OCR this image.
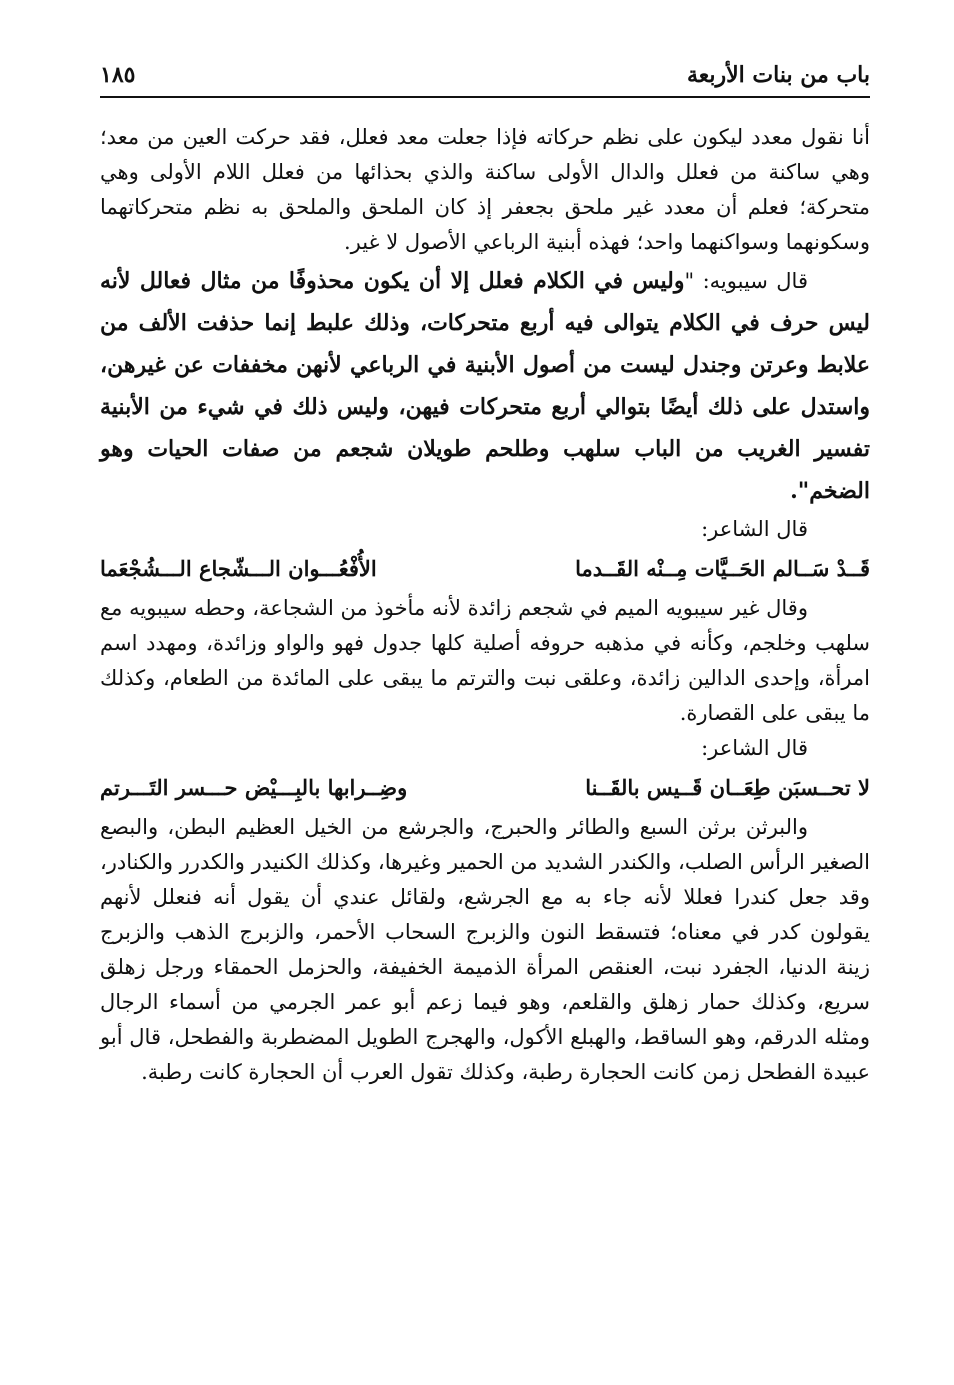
باب من بنات الأربعة
١٨٥

أنا نقول معدد ليكون على نظم حركاته فإذا جعلت معد فعلل، فقد حركت العين من معد؛ وهي ساكنة من فعلل والدال الأولى ساكنة والذي بحذائها من فعلل اللام الأولى وهي متحركة؛ فعلم أن معدد غير ملحق بجعفر إذ كان الملحق والملحق به نظم متحركاتهما وسكونهما وسواكنهما واحد؛ فهذه أبنية الرباعي الأصول لا غير.

قال سيبويه: "وليس في الكلام فعلل إلا أن يكون محذوفًا من مثال فعالل لأنه ليس حرف في الكلام يتوالى فيه أربع متحركات، وذلك علبط إنما حذفت الألف من علابط وعرتن وجندل ليست من أصول الأبنية في الرباعي لأنهن مخففات عن غيرهن، واستدل على ذلك أيضًا بتوالي أربع متحركات فيهن، وليس ذلك في شيء من الأبنية تفسير الغريب من الباب سلهب وطلحم طويلان شجعم من صفات الحيات وهو الضخم".

قال الشاعر:

قَــدْ سَــالم الحَــيَّات مِــنْه القَــدما
الأُفْعُـــوان الـــشّجاع الـــشُجْعَما

وقال غير سيبويه الميم في شجعم زائدة لأنه مأخوذ من الشجاعة، وحطه سيبويه مع سلهب وخلجم، وكأنه في مذهبه حروفه أصلية كلها جدول فهو والواو وزائدة، ومهدد اسم امرأة، وإحدى الدالين زائدة، وعلقى نبت والترتم ما يبقى على المائدة من الطعام، وكذلك ما يبقى على القصارة.

قال الشاعر:

لا تحــسبَن طِعَــان قَــيس بالقَــنا
وضِــرابها بالبِـــيْض حـــسر التَـــرتم

والبرثن برثن السبع والطائر والحبرج، والجرشع من الخيل العظيم البطن، والبصع الصغير الرأس الصلب، والكندر الشديد من الحمير وغيرها، وكذلك الكنيدر والكدرر والكنادر، وقد جعل كندرا فعللا لأنه جاء به مع الجرشع، ولقائل عندي أن يقول أنه فنعلل لأنهم يقولون كدر في معناه؛ فتسقط النون والزبرج السحاب الأحمر، والزبرج الذهب والزبرج زينة الدنيا، الجفرد نبت، العنقص المرأة الذميمة الخفيفة، والحزمل الحمقاء ورجل زهلق سريع، وكذلك حمار زهلق والقلعم، وهو فيما زعم أبو عمر الجرمي من أسماء الرجال ومثله الدرقم، وهو الساقط، والهبلع الأكول، والهجرج الطويل المضطربة والفطحل، قال أبو عبيدة الفطحل زمن كانت الحجارة رطبة، وكذلك تقول العرب أن الحجارة كانت رطبة.
